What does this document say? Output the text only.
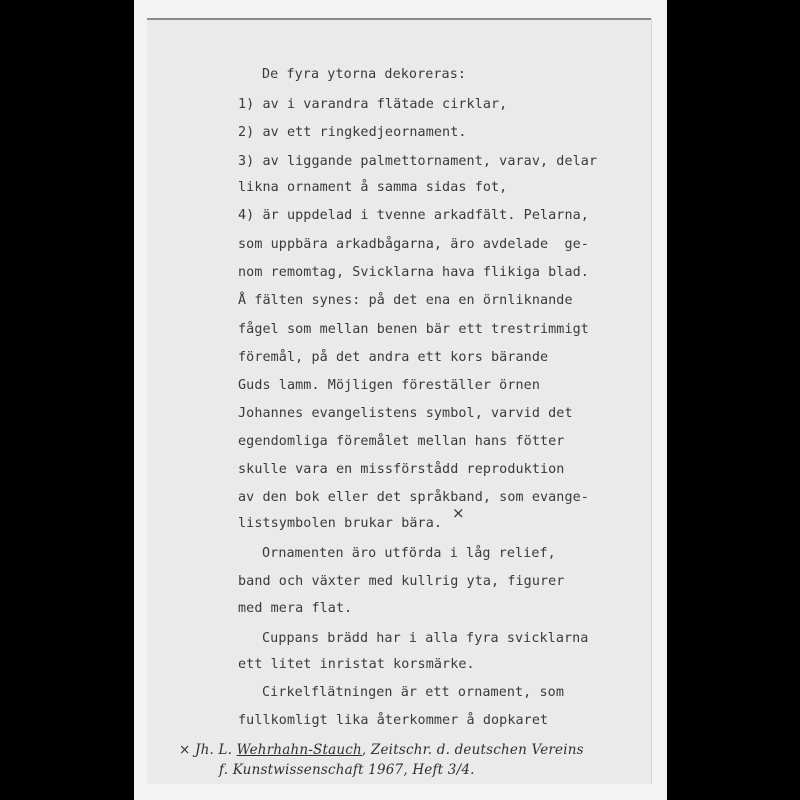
De fyra ytorna dekoreras:
1) av i varandra flätade cirklar,
2) av ett ringkedjeornament.
3) av liggande palmettornament, varav, delar
likna ornament å samma sidas fot,
4) är uppdelad i tvenne arkadfält. Pelarna,
som uppbära arkadbågarna, äro avdelade  ge-
nom remomtag, Svicklarna hava flikiga blad.
Å fälten synes: på det ena en örnliknande
fågel som mellan benen bär ett trestrimmigt
föremål, på det andra ett kors bärande
Guds lamm. Möjligen föreställer örnen
Johannes evangelistens symbol, varvid det
egendomliga föremålet mellan hans fötter
skulle vara en missförstådd reproduktion
av den bok eller det språkband, som evange-
listsymbolen brukar bära.
×
Ornamenten äro utförda i låg relief,
band och växter med kullrig yta, figurer
med mera flat.
Cuppans brädd har i alla fyra svicklarna
ett litet inristat korsmärke.
Cirkelflätningen är ett ornament, som
fullkomligt lika återkommer å dopkaret
× Jh. L. Wehrhahn-Stauch, Zeitschr. d. deutschen Vereins
f. Kunstwissenschaft 1967, Heft 3/4.
